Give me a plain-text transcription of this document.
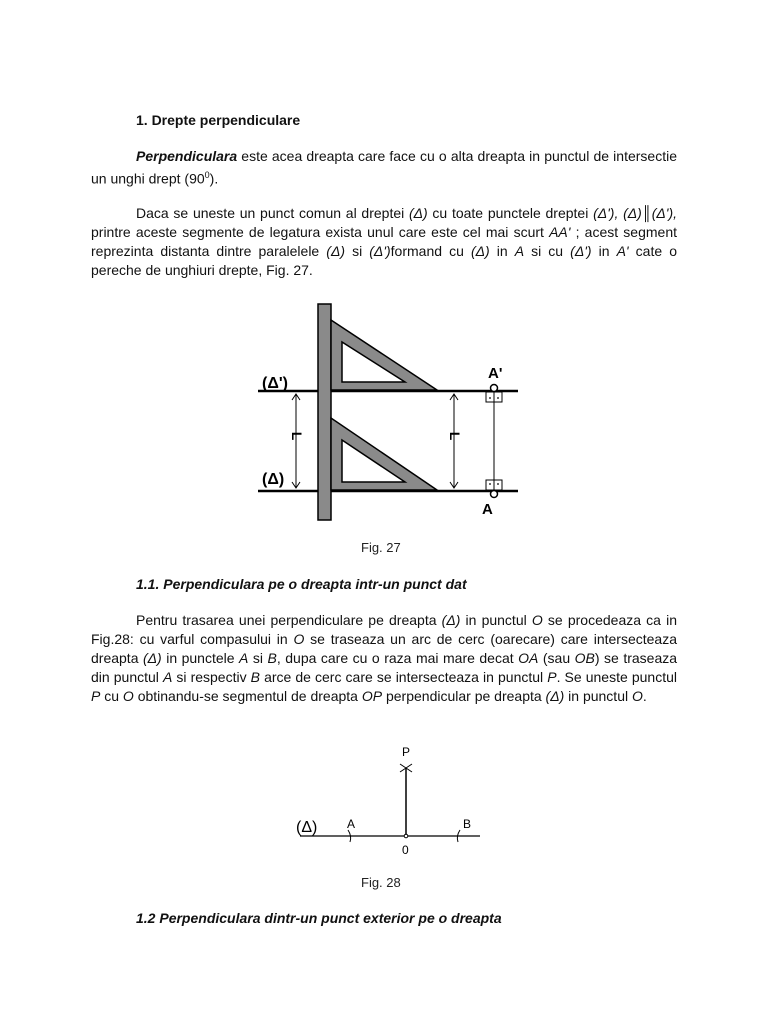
1. Drepte perpendiculare

Perpendiculara este acea dreapta care face cu o alta dreapta in punctul de intersectie un unghi drept $(90^0)$.

Daca se uneste un punct comun al dreptei (Δ) cu toate punctele dreptei (Δ'), (Δ)║(Δ'), printre aceste segmente de legatura exista unul care este cel mai scurt AA' ; acest segment reprezinta distanta dintre paralelele (Δ) si (Δ')formand cu (Δ) in A si cu (Δ') in A' cate o pereche de unghiuri drepte, Fig. 27.

L	L
(Δ')
(Δ)
A'
A

Fig. 27

1.1. Perpendiculara pe o dreapta intr-un punct dat

Pentru trasarea unei perpendiculare pe dreapta (Δ) in punctul O se procedeaza ca in Fig.28: cu varful compasului in O se traseaza un arc de cerc (oarecare) care intersecteaza dreapta (Δ) in punctele A si B, dupa care cu o raza mai mare decat OA (sau OB) se traseaza din punctul A si respectiv B arce de cerc care se intersecteaza in punctul P. Se uneste punctul P cu O obtinandu-se segmentul de dreapta OP perpendicular pe dreapta (Δ) in punctul O.

P
(Δ) A	B
0

Fig. 28

1.2 Perpendiculara dintr-un punct exterior pe o dreapta
